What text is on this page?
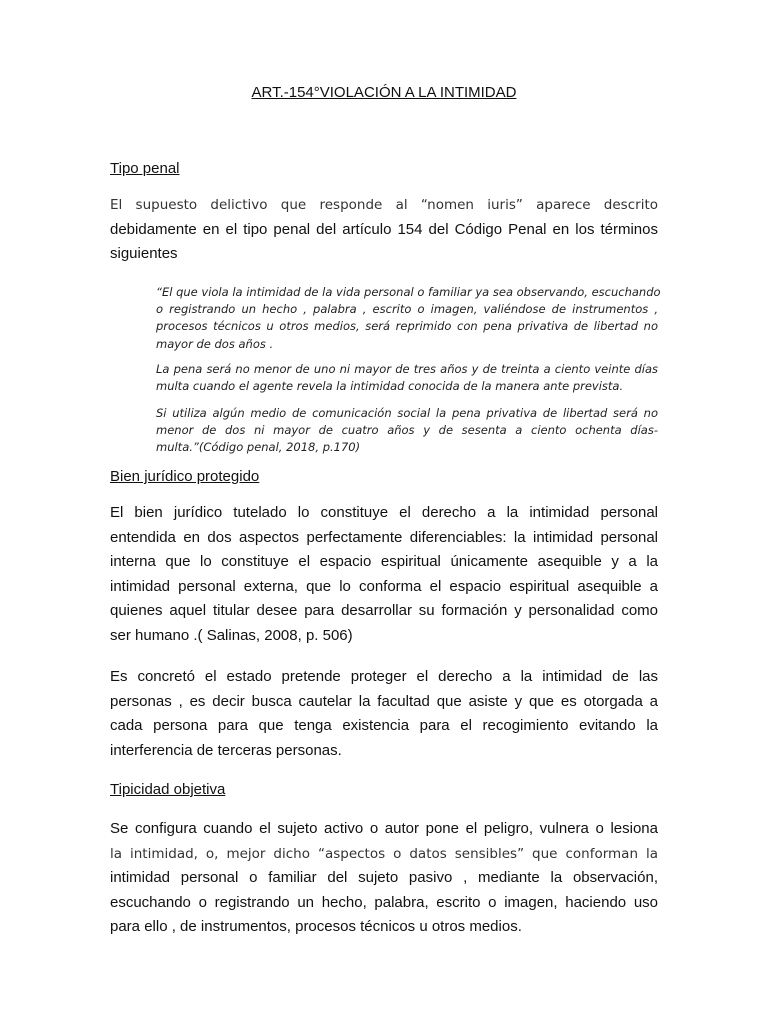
ART.-154°VIOLACIÓN A LA INTIMIDAD
Tipo penal
El supuesto delictivo que responde al “nomen iuris” aparece descrito
debidamente en el tipo penal del artículo 154 del Código Penal en los términos
siguientes
“El que viola la intimidad de la vida personal o familiar ya sea observando, escuchando
o registrando un hecho , palabra , escrito o imagen, valiéndose de instrumentos ,
procesos técnicos u otros medios, será reprimido con pena privativa de libertad no
mayor de dos años .
La pena será no menor de uno ni mayor de tres años y de treinta a ciento veinte días
multa cuando el agente revela la intimidad conocida de la manera ante prevista.
Si utiliza algún medio de comunicación social la pena privativa de libertad será no
menor de dos ni mayor de cuatro años y de sesenta a ciento ochenta días-
multa.”(Código penal, 2018, p.170)
Bien jurídico protegido
El bien jurídico tutelado lo constituye el derecho a la intimidad personal
entendida en dos aspectos perfectamente diferenciables: la intimidad personal
interna que lo constituye el espacio espiritual únicamente asequible y a la
intimidad personal externa, que lo conforma el espacio espiritual asequible a
quienes aquel titular desee para desarrollar su formación y personalidad como
ser humano .( Salinas, 2008, p. 506)
Es concretó el estado pretende proteger el derecho a la intimidad de las
personas , es decir busca cautelar la facultad que asiste y que es otorgada a
cada persona para que tenga existencia para el recogimiento evitando la
interferencia de terceras personas.
Tipicidad objetiva
Se configura cuando el sujeto activo o autor pone el peligro, vulnera o lesiona
la intimidad, o, mejor dicho “aspectos o datos sensibles” que conforman la
intimidad personal o familiar del sujeto pasivo , mediante la observación,
escuchando o registrando un hecho, palabra, escrito o imagen, haciendo uso
para ello , de instrumentos, procesos técnicos u otros medios.
